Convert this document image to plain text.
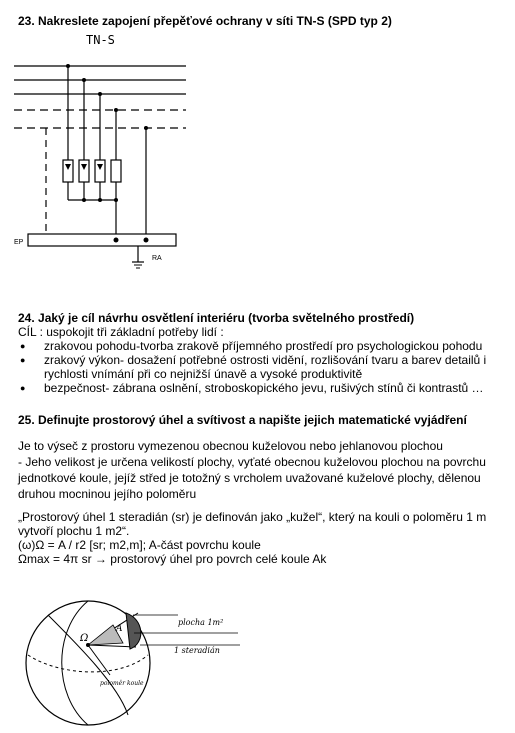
23. Nakreslete zapojení přepěťové ochrany v síti TN-S (SPD typ 2)
TN-S
EP
RA
24. Jaký je cíl návrhu osvětlení interiéru (tvorba světelného prostředí)
CÍL : uspokojit tři základní potřeby lidí :
● zrakovou pohodu-tvorba zrakově příjemného prostředí pro psychologickou pohodu
● zrakový výkon- dosažení potřebné ostrosti vidění, rozlišování tvaru a barev detailů i
rychlosti vnímání při co nejnižší únavě a vysoké produktivitě
● bezpečnost- zábrana oslnění, stroboskopického jevu, rušivých stínů či kontrastů …
25. Definujte prostorový úhel a svítivost a napište jejich matematické vyjádření
Je to výseč z prostoru vymezenou obecnou kuželovou nebo jehlanovou plochou
- Jeho velikost je určena velikostí plochy, vyťaté obecnou kuželovou plochou na povrchu
jednotkové koule, jejíž střed je totožný s vrcholem uvažované kuželové plochy, dělenou
druhou mocninou jejího poloměru
„Prostorový úhel 1 steradián (sr) je definován jako „kužel“, který na kouli o poloměru 1 m
vytvoří plochu 1 m2“.
(ω)Ω = A / r2 [sr; m2,m]; A-část povrchu koule
Ωmax = 4π sr → prostorový úhel pro povrch celé koule Ak
Ω
A
plocha 1m²
1 steradián
poloměr koule
